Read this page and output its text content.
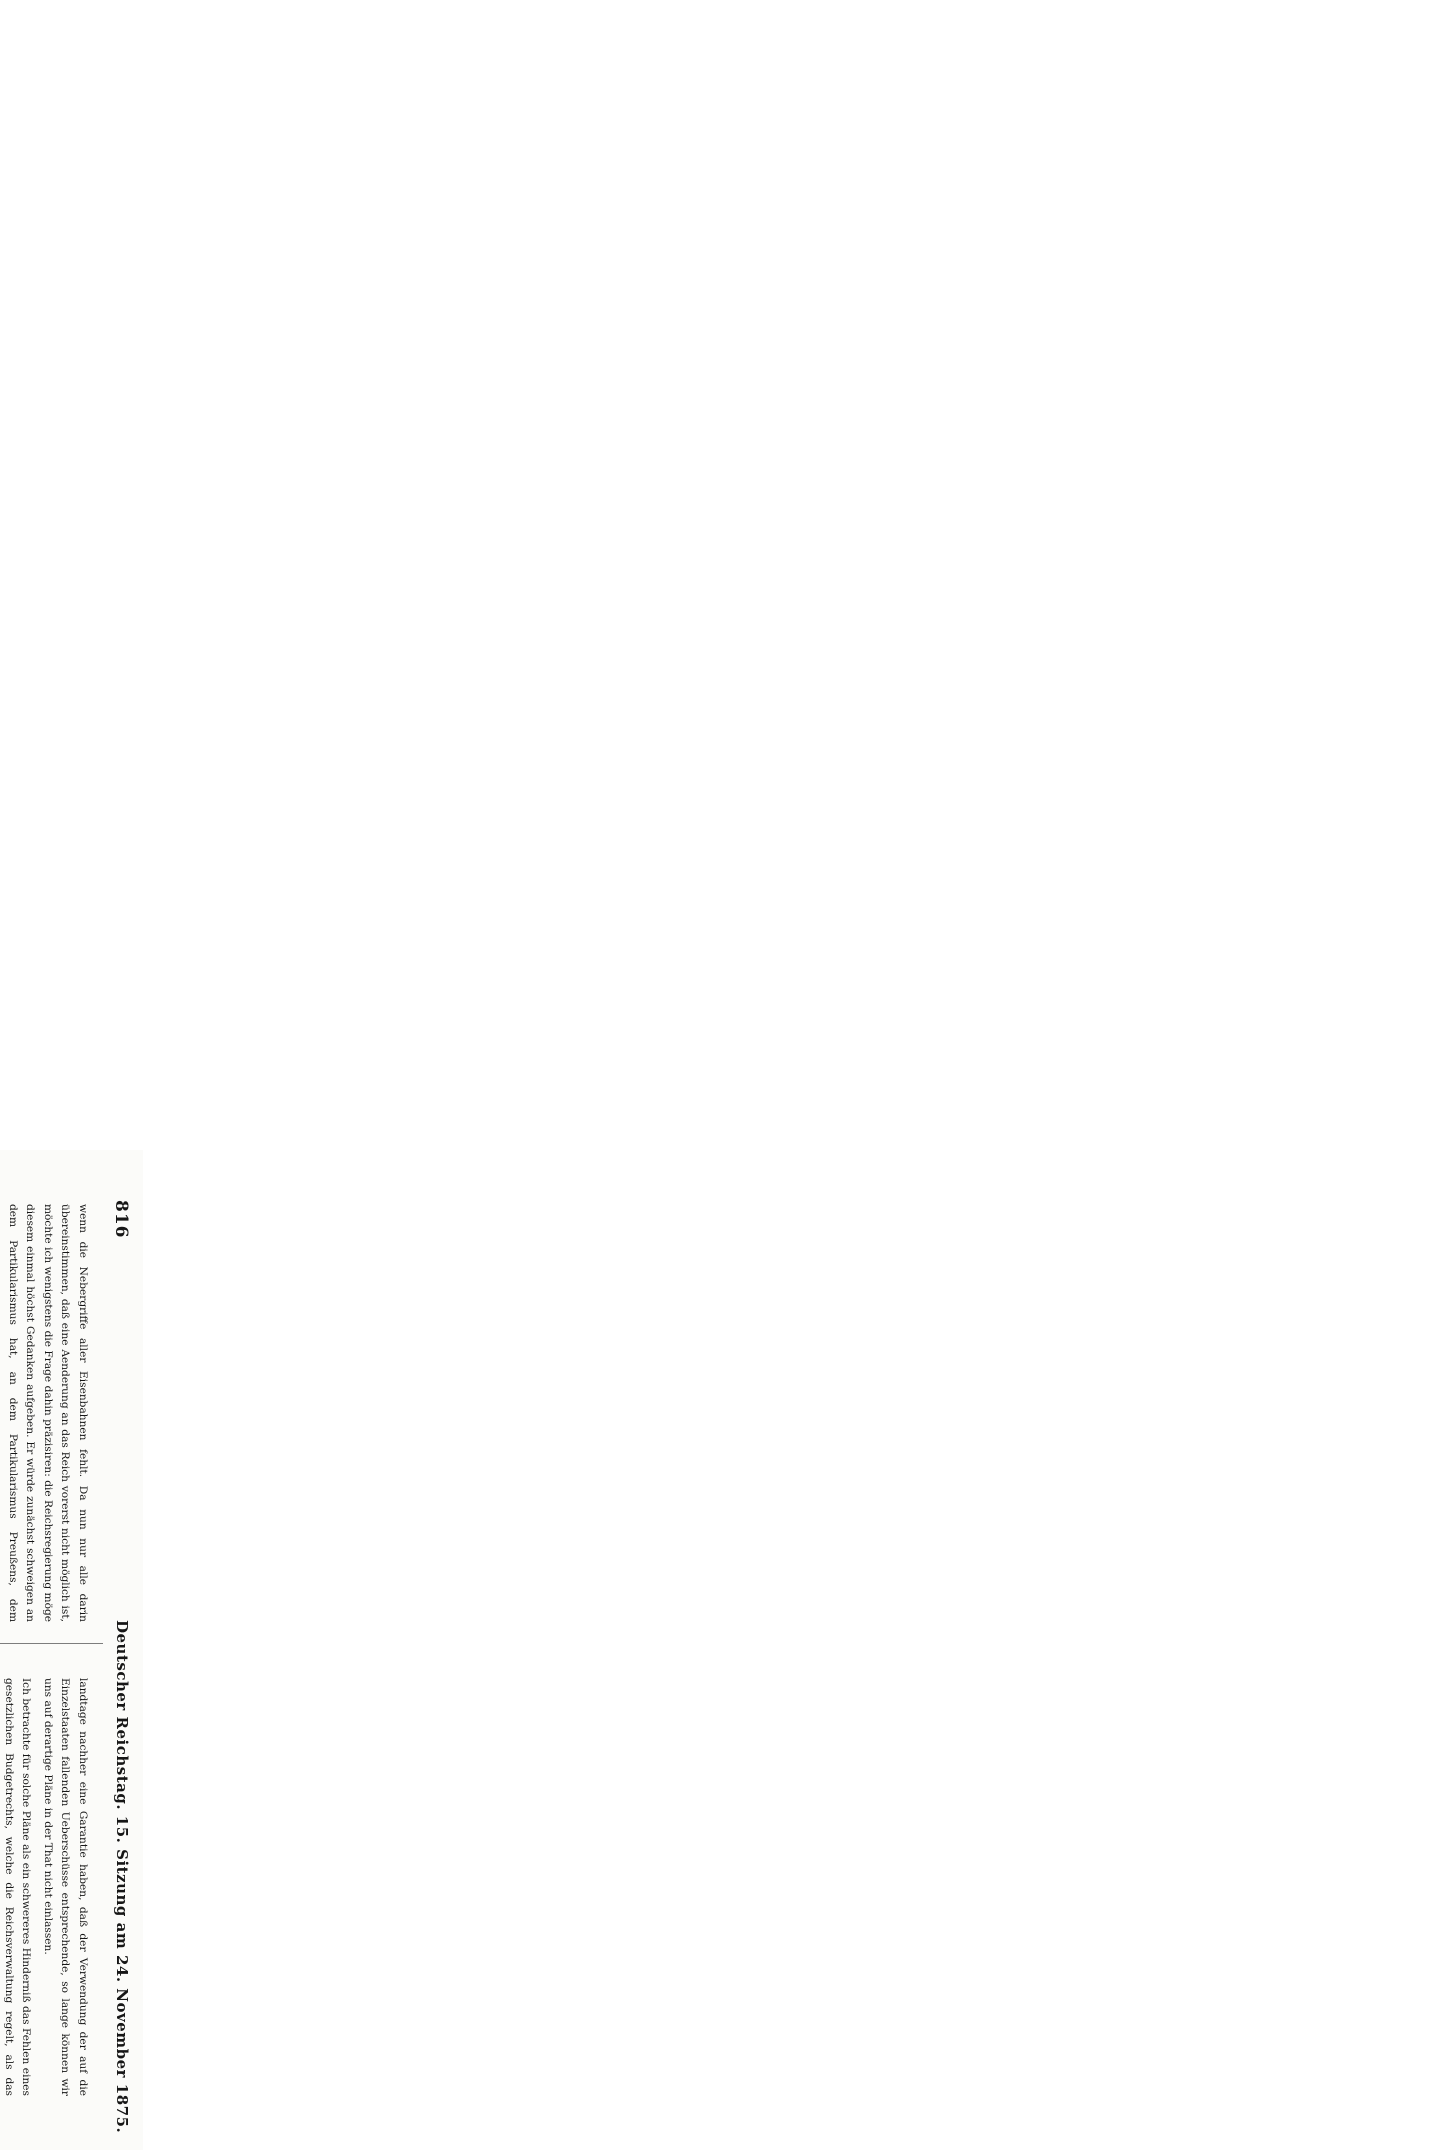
816
Deutscher Reichstag. 15. Sitzung am 24. November 1875.

wenn die Nebergriffe aller Eisenbahnen fehlt. Da nun nur alle darin übereinstimmen, daß eine Aenderung an das Reich vorerst nicht möglich ist, möchte ich wenigstens die Frage dahin präzisiren: die Reichsregierung möge diesem einmal höchst Gedanken aufgeben. Er würde zunächst schweigen an dem Partikularismus hat, an dem Partikularismus Preußens, dem

landtage nachher eine Garantie haben, daß der Verwendung der auf die Einzelstaaten fallenden Ueberschüsse entsprechende, so lange können wir uns auf derartige Pläne in der That nicht einlassen.

Ich betrachte für solche Pläne als ein schwereres Hinderniß das Fehlen eines gesetzlichen Budgetrechts, welche die Reichsverwaltung regelt, als das
